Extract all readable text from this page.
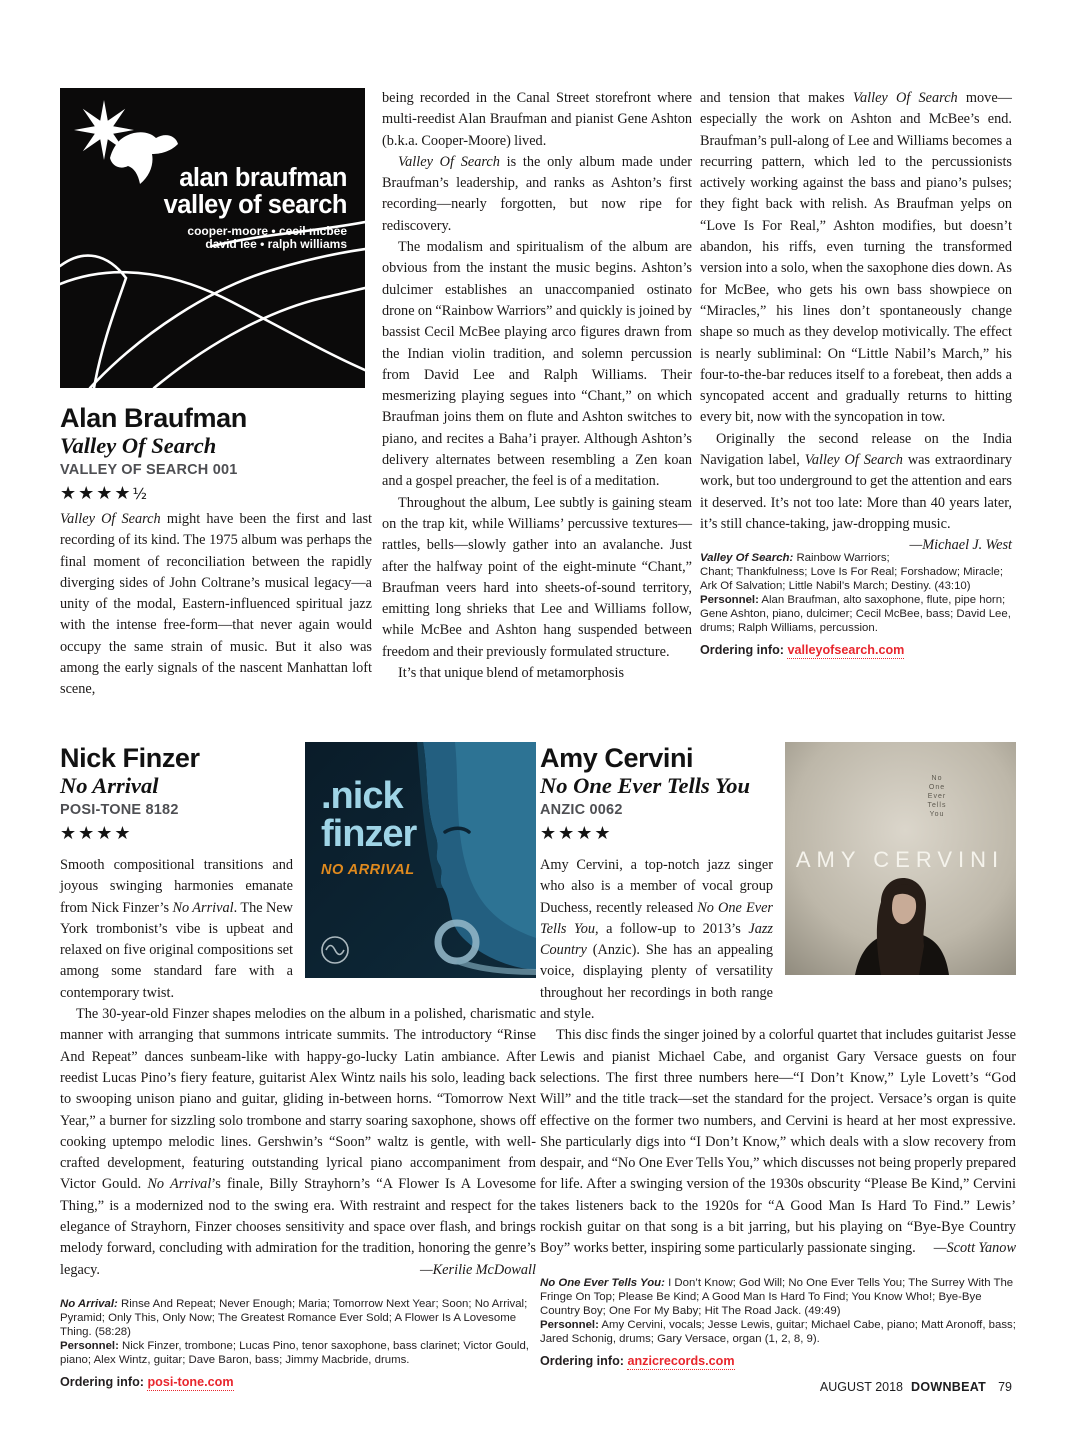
alan braufman
valley of search
cooper-moore • cecil mcbee
david lee • ralph williams
Alan Braufman
Valley Of Search
VALLEY OF SEARCH 001
★★★★½
Valley Of Search might have been the first and last recording of its kind. The 1975 album was perhaps the final moment of reconciliation between the rapidly diverging sides of John Coltrane’s musical legacy—a unity of the modal, Eastern-influenced spiritual jazz with the intense free-form—that never again would occupy the same strain of music. But it also was among the early signals of the nascent Manhattan loft scene,
being recorded in the Canal Street storefront where multi-reedist Alan Braufman and pianist Gene Ashton (b.k.a. Cooper-Moore) lived.
Valley Of Search is the only album made under Braufman’s leadership, and ranks as Ashton’s first recording—nearly forgotten, but now ripe for rediscovery.
The modalism and spiritualism of the album are obvious from the instant the music begins. Ashton’s dulcimer establishes an unaccompanied ostinato drone on “Rainbow Warriors” and quickly is joined by bassist Cecil McBee playing arco figures drawn from the Indian violin tradition, and solemn percussion from David Lee and Ralph Williams. Their mesmerizing playing segues into “Chant,” on which Braufman joins them on flute and Ashton switches to piano, and recites a Baha’i prayer. Although Ashton’s delivery alternates between resembling a Zen koan and a gospel preacher, the feel is of a meditation.
Throughout the album, Lee subtly is gaining steam on the trap kit, while Williams’ percussive textures—rattles, bells—slowly gather into an avalanche. Just after the halfway point of the eight-minute “Chant,” Braufman veers hard into sheets-of-sound territory, emitting long shrieks that Lee and Williams follow, while McBee and Ashton hang suspended between freedom and their previously formulated structure.
It’s that unique blend of metamorphosis
and tension that makes Valley Of Search move—especially the work on Ashton and McBee’s end. Braufman’s pull-along of Lee and Williams becomes a recurring pattern, which led to the percussionists actively working against the bass and piano’s pulses; they fight back with relish. As Braufman yelps on “Love Is For Real,” Ashton modifies, but doesn’t abandon, his riffs, even turning the transformed version into a solo, when the saxophone dies down. As for McBee, who gets his own bass showpiece on “Miracles,” his lines don’t spontaneously change shape so much as they develop motivically. The effect is nearly subliminal: On “Little Nabil’s March,” his four-to-the-bar reduces itself to a forebeat, then adds a syncopated accent and gradually returns to hitting every bit, now with the syncopation in tow.
Originally the second release on the India Navigation label, Valley Of Search was extraordinary work, but too underground to get the attention and ears it deserved. It’s not too late: More than 40 years later, it’s still chance-taking, jaw-dropping music.
—Michael J. West
Valley Of Search: Rainbow Warriors; Chant; Thankfulness; Love Is For Real; Forshadow; Miracle; Ark Of Salvation; Little Nabil’s March; Destiny. (43:10)
Personnel: Alan Braufman, alto saxophone, flute, pipe horn; Gene Ashton, piano, dulcimer; Cecil McBee, bass; David Lee, drums; Ralph Williams, percussion.
Ordering info: valleyofsearch.com
.nick
finzer
NO ARRIVAL
Nick Finzer
No Arrival
POSI-TONE 8182
★★★★
Smooth compositional transitions and joyous swinging harmonies emanate from Nick Finzer’s No Arrival. The New York trombonist’s vibe is upbeat and relaxed on five original compositions set among some standard fare with a contemporary twist.
The 30-year-old Finzer shapes melodies on the album in a polished, charismatic manner with arranging that summons intricate summits. The introductory “Rinse And Repeat” dances sunbeam-like with happy-go-lucky Latin ambiance. After reedist Lucas Pino’s fiery feature, guitarist Alex Wintz nails his solo, leading back to swooping unison piano and guitar, gliding in-between horns. “Tomorrow Next Year,” a burner for sizzling solo trombone and starry soaring saxophone, shows off cooking uptempo melodic lines. Gershwin’s “Soon” waltz is gentle, with well-crafted development, featuring outstanding lyrical piano accompaniment from Victor Gould. No Arrival’s finale, Billy Strayhorn’s “A Flower Is A Lovesome Thing,” is a modernized nod to the swing era. With restraint and respect for the elegance of Strayhorn, Finzer chooses sensitivity and space over flash, and brings melody forward, concluding with admiration for the tradition, honoring the genre’s legacy.	—Kerilie McDowall
No Arrival: Rinse And Repeat; Never Enough; Maria; Tomorrow Next Year; Soon; No Arrival; Pyramid; Only This, Only Now; The Greatest Romance Ever Sold; A Flower Is A Lovesome Thing. (58:28)
Personnel: Nick Finzer, trombone; Lucas Pino, tenor saxophone, bass clarinet; Victor Gould, piano; Alex Wintz, guitar; Dave Baron, bass; Jimmy Macbride, drums.
Ordering info: posi-tone.com
No
One
Ever
Tells
You
AMY CERVINI
Amy Cervini
No One Ever Tells You
ANZIC 0062
★★★★
Amy Cervini, a top-notch jazz singer who also is a member of vocal group Duchess, recently released No One Ever Tells You, a follow-up to 2013’s Jazz Country (Anzic). She has an appealing voice, displaying plenty of versatility throughout her recordings in both range and style.
This disc finds the singer joined by a colorful quartet that includes guitarist Jesse Lewis and pianist Michael Cabe, and organist Gary Versace guests on four selections. The first three numbers here—“I Don’t Know,” Lyle Lovett’s “God Will” and the title track—set the standard for the project. Versace’s organ is quite effective on the former two numbers, and Cervini is heard at her most expressive. She particularly digs into “I Don’t Know,” which deals with a slow recovery from despair, and “No One Ever Tells You,” which discusses not being properly prepared for life. After a swinging version of the 1930s obscurity “Please Be Kind,” Cervini takes listeners back to the 1920s for “A Good Man Is Hard To Find.” Lewis’ rockish guitar on that song is a bit jarring, but his playing on “Bye-Bye Country Boy” works better, inspiring some particularly passionate singing.	—Scott Yanow
No One Ever Tells You: I Don’t Know; God Will; No One Ever Tells You; The Surrey With The Fringe On Top; Please Be Kind; A Good Man Is Hard To Find; You Know Who!; Bye-Bye Country Boy; One For My Baby; Hit The Road Jack. (49:49)
Personnel: Amy Cervini, vocals; Jesse Lewis, guitar; Michael Cabe, piano; Matt Aronoff, bass; Jared Schonig, drums; Gary Versace, organ (1, 2, 8, 9).
Ordering info: anzicrecords.com
AUGUST 2018 DOWNBEAT 79
